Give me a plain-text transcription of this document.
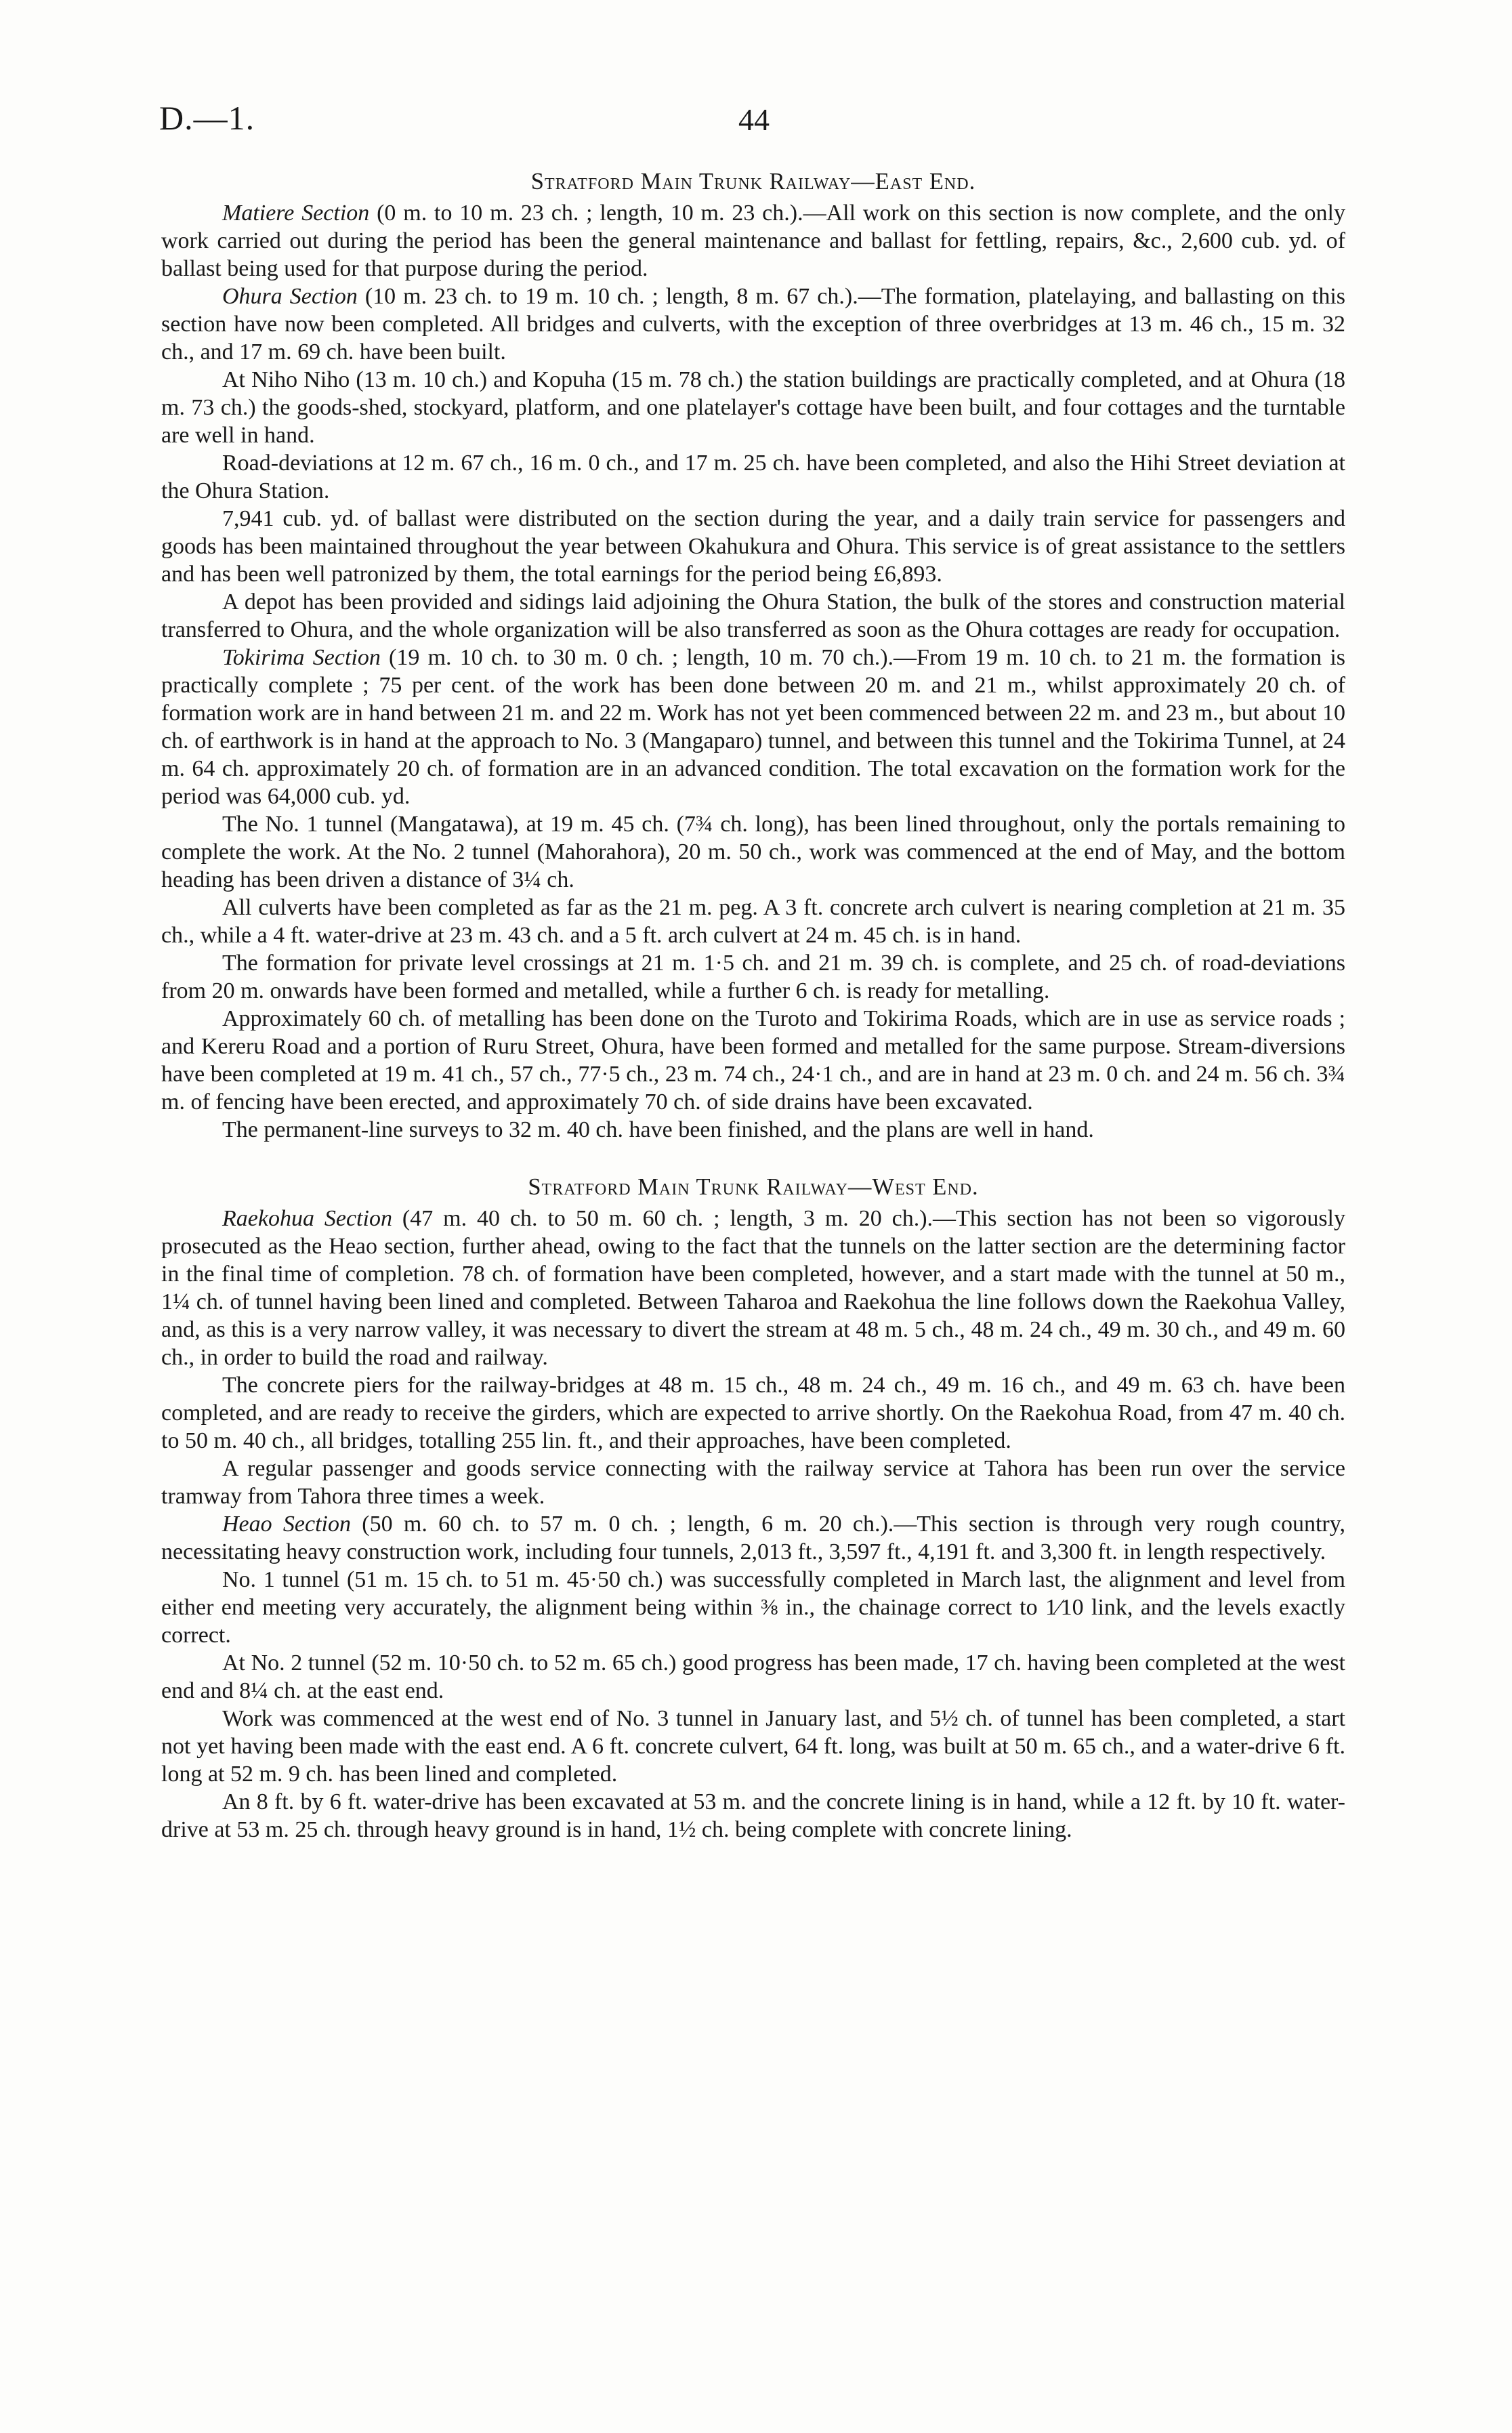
D.—1.	44
Stratford Main Trunk Railway—East End.

Matiere Section (0 m. to 10 m. 23 ch. ; length, 10 m. 23 ch.).—All work on this section is now complete, and the only work carried out during the period has been the general maintenance and ballast for fettling, repairs, &c., 2,600 cub. yd. of ballast being used for that purpose during the period.

Ohura Section (10 m. 23 ch. to 19 m. 10 ch. ; length, 8 m. 67 ch.).—The formation, platelaying, and ballasting on this section have now been completed. All bridges and culverts, with the exception of three overbridges at 13 m. 46 ch., 15 m. 32 ch., and 17 m. 69 ch. have been built.

At Niho Niho (13 m. 10 ch.) and Kopuha (15 m. 78 ch.) the station buildings are practically completed, and at Ohura (18 m. 73 ch.) the goods-shed, stockyard, platform, and one platelayer's cottage have been built, and four cottages and the turntable are well in hand.

Road-deviations at 12 m. 67 ch., 16 m. 0 ch., and 17 m. 25 ch. have been completed, and also the Hihi Street deviation at the Ohura Station.

7,941 cub. yd. of ballast were distributed on the section during the year, and a daily train service for passengers and goods has been maintained throughout the year between Okahukura and Ohura. This service is of great assistance to the settlers and has been well patronized by them, the total earnings for the period being £6,893.

A depot has been provided and sidings laid adjoining the Ohura Station, the bulk of the stores and construction material transferred to Ohura, and the whole organization will be also transferred as soon as the Ohura cottages are ready for occupation.

Tokirima Section (19 m. 10 ch. to 30 m. 0 ch. ; length, 10 m. 70 ch.).—From 19 m. 10 ch. to 21 m. the formation is practically complete ; 75 per cent. of the work has been done between 20 m. and 21 m., whilst approximately 20 ch. of formation work are in hand between 21 m. and 22 m. Work has not yet been commenced between 22 m. and 23 m., but about 10 ch. of earthwork is in hand at the approach to No. 3 (Mangaparo) tunnel, and between this tunnel and the Tokirima Tunnel, at 24 m. 64 ch. approximately 20 ch. of formation are in an advanced condition. The total excavation on the formation work for the period was 64,000 cub. yd.

The No. 1 tunnel (Mangatawa), at 19 m. 45 ch. (7¾ ch. long), has been lined throughout, only the portals remaining to complete the work. At the No. 2 tunnel (Mahorahora), 20 m. 50 ch., work was commenced at the end of May, and the bottom heading has been driven a distance of 3¼ ch.

All culverts have been completed as far as the 21 m. peg. A 3 ft. concrete arch culvert is nearing completion at 21 m. 35 ch., while a 4 ft. water-drive at 23 m. 43 ch. and a 5 ft. arch culvert at 24 m. 45 ch. is in hand.

The formation for private level crossings at 21 m. 1·5 ch. and 21 m. 39 ch. is complete, and 25 ch. of road-deviations from 20 m. onwards have been formed and metalled, while a further 6 ch. is ready for metalling.

Approximately 60 ch. of metalling has been done on the Turoto and Tokirima Roads, which are in use as service roads ; and Kereru Road and a portion of Ruru Street, Ohura, have been formed and metalled for the same purpose. Stream-diversions have been completed at 19 m. 41 ch., 57 ch., 77·5 ch., 23 m. 74 ch., 24·1 ch., and are in hand at 23 m. 0 ch. and 24 m. 56 ch. 3¾ m. of fencing have been erected, and approximately 70 ch. of side drains have been excavated.

The permanent-line surveys to 32 m. 40 ch. have been finished, and the plans are well in hand.

Stratford Main Trunk Railway—West End.

Raekohua Section (47 m. 40 ch. to 50 m. 60 ch. ; length, 3 m. 20 ch.).—This section has not been so vigorously prosecuted as the Heao section, further ahead, owing to the fact that the tunnels on the latter section are the determining factor in the final time of completion. 78 ch. of formation have been completed, however, and a start made with the tunnel at 50 m., 1¼ ch. of tunnel having been lined and completed. Between Taharoa and Raekohua the line follows down the Raekohua Valley, and, as this is a very narrow valley, it was necessary to divert the stream at 48 m. 5 ch., 48 m. 24 ch., 49 m. 30 ch., and 49 m. 60 ch., in order to build the road and railway.

The concrete piers for the railway-bridges at 48 m. 15 ch., 48 m. 24 ch., 49 m. 16 ch., and 49 m. 63 ch. have been completed, and are ready to receive the girders, which are expected to arrive shortly. On the Raekohua Road, from 47 m. 40 ch. to 50 m. 40 ch., all bridges, totalling 255 lin. ft., and their approaches, have been completed.

A regular passenger and goods service connecting with the railway service at Tahora has been run over the service tramway from Tahora three times a week.

Heao Section (50 m. 60 ch. to 57 m. 0 ch. ; length, 6 m. 20 ch.).—This section is through very rough country, necessitating heavy construction work, including four tunnels, 2,013 ft., 3,597 ft., 4,191 ft. and 3,300 ft. in length respectively.

No. 1 tunnel (51 m. 15 ch. to 51 m. 45·50 ch.) was successfully completed in March last, the alignment and level from either end meeting very accurately, the alignment being within ⅜ in., the chainage correct to 1⁄10 link, and the levels exactly correct.

At No. 2 tunnel (52 m. 10·50 ch. to 52 m. 65 ch.) good progress has been made, 17 ch. having been completed at the west end and 8¼ ch. at the east end.

Work was commenced at the west end of No. 3 tunnel in January last, and 5½ ch. of tunnel has been completed, a start not yet having been made with the east end. A 6 ft. concrete culvert, 64 ft. long, was built at 50 m. 65 ch., and a water-drive 6 ft. long at 52 m. 9 ch. has been lined and completed.

An 8 ft. by 6 ft. water-drive has been excavated at 53 m. and the concrete lining is in hand, while a 12 ft. by 10 ft. water-drive at 53 m. 25 ch. through heavy ground is in hand, 1½ ch. being complete with concrete lining.
